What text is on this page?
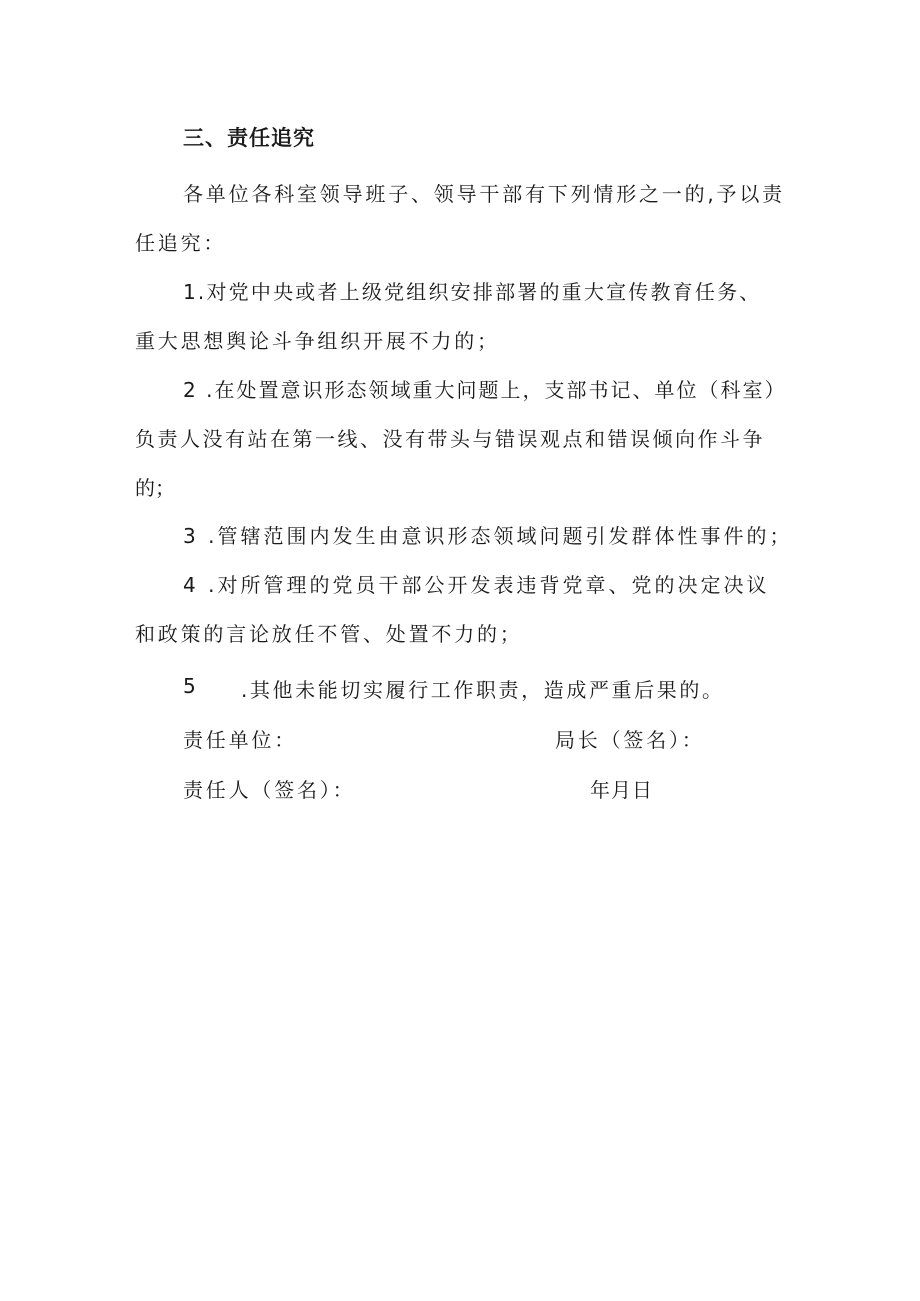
三、责任追究
各单位各科室领导班子、领导干部有下列情形之一的,予以责
任追究：
1.对党中央或者上级党组织安排部署的重大宣传教育任务、
重大思想舆论斗争组织开展不力的；
2 .在处置意识形态领域重大问题上，支部书记、单位（科室）
负责人没有站在第一线、没有带头与错误观点和错误倾向作斗争
的；
3 .管辖范围内发生由意识形态领域问题引发群体性事件的；
4 .对所管理的党员干部公开发表违背党章、党的决定决议
和政策的言论放任不管、处置不力的；
5 .其他未能切实履行工作职责，造成严重后果的。
责任单位：	局长（签名）：
责任人（签名）：	年月日
